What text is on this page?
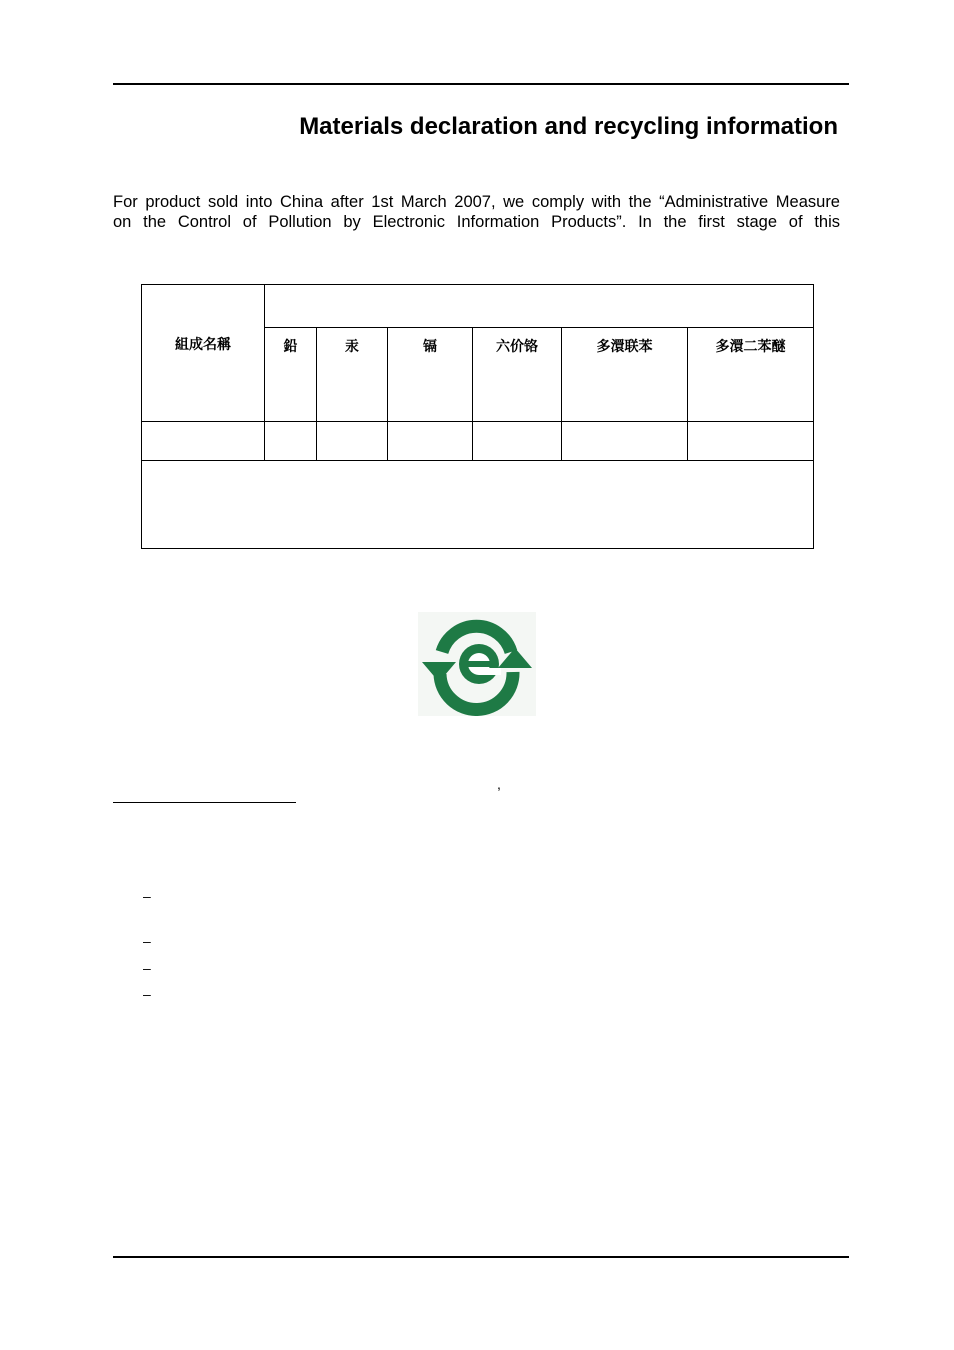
Materials declaration and recycling information

For product sold into China after 1st March 2007, we comply with the “Administrative Measure
on the Control of Pollution by Electronic Information Products”. In the first stage of this

組成名稱						
	鉛	汞	镉	六价铬	多澴联苯	多澴二苯醚

,
–
–
–
–
